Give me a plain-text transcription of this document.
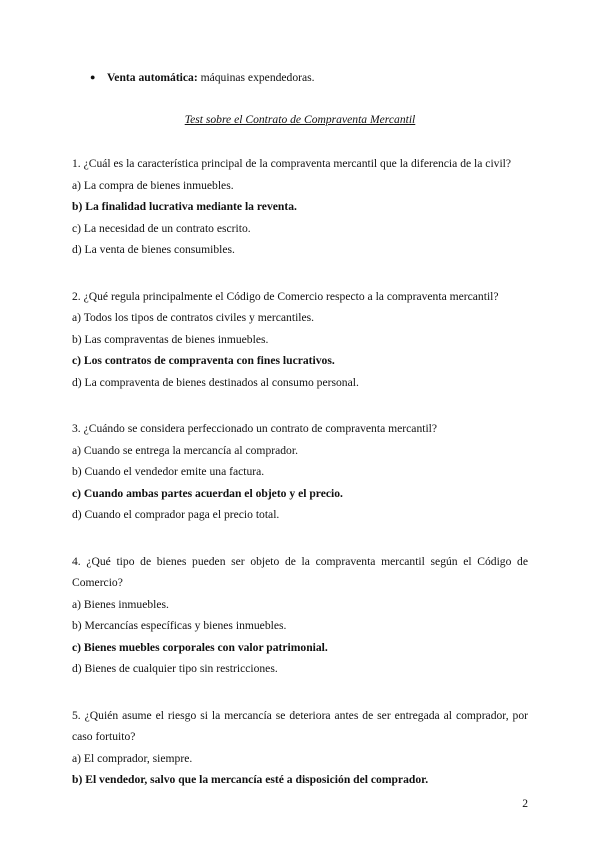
● Venta automática: máquinas expendedoras.
Test sobre el Contrato de Compraventa Mercantil

1. ¿Cuál es la característica principal de la compraventa mercantil que la diferencia de la civil?

a) La compra de bienes inmuebles.

b) La finalidad lucrativa mediante la reventa.

c) La necesidad de un contrato escrito.

d) La venta de bienes consumibles.

2. ¿Qué regula principalmente el Código de Comercio respecto a la compraventa mercantil?

a) Todos los tipos de contratos civiles y mercantiles.

b) Las compraventas de bienes inmuebles.

c) Los contratos de compraventa con fines lucrativos.

d) La compraventa de bienes destinados al consumo personal.

3. ¿Cuándo se considera perfeccionado un contrato de compraventa mercantil?

a) Cuando se entrega la mercancía al comprador.

b) Cuando el vendedor emite una factura.

c) Cuando ambas partes acuerdan el objeto y el precio.

d) Cuando el comprador paga el precio total.

4. ¿Qué tipo de bienes pueden ser objeto de la compraventa mercantil según el Código de Comercio?

a) Bienes inmuebles.

b) Mercancías específicas y bienes inmuebles.

c) Bienes muebles corporales con valor patrimonial.

d) Bienes de cualquier tipo sin restricciones.

5. ¿Quién asume el riesgo si la mercancía se deteriora antes de ser entregada al comprador, por caso fortuito?

a) El comprador, siempre.

b) El vendedor, salvo que la mercancía esté a disposición del comprador.

2
